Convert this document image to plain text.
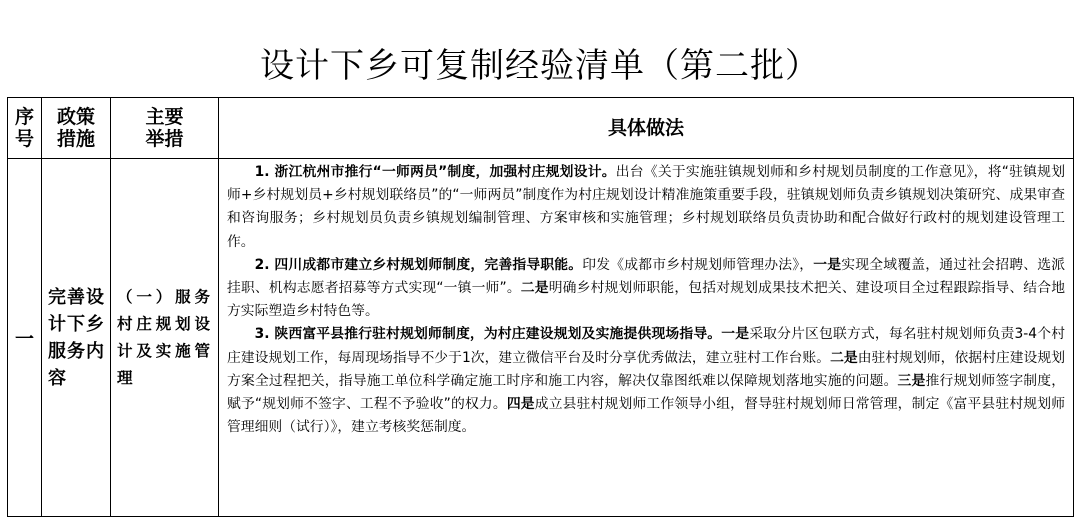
设计下乡可复制经验清单（第二批）
序号	政策措施	主要举措	具体做法
一	完善设计下乡服务内容	（一）服务村庄规划设计及实施管理	1. 浙江杭州市推行“一师两员”制度，加强村庄规划设计。出台《关于实施驻镇规划师和乡村规划员制度的工作意见》，将“驻镇规划师+乡村规划员+乡村规划联络员”的“一师两员”制度作为村庄规划设计精准施策重要手段，驻镇规划师负责乡镇规划决策研究、成果审查和咨询服务；乡村规划员负责乡镇规划编制管理、方案审核和实施管理；乡村规划联络员负责协助和配合做好行政村的规划建设管理工作。

2. 四川成都市建立乡村规划师制度，完善指导职能。印发《成都市乡村规划师管理办法》，一是实现全域覆盖，通过社会招聘、选派挂职、机构志愿者招募等方式实现“一镇一师”。二是明确乡村规划师职能，包括对规划成果技术把关、建设项目全过程跟踪指导、结合地方实际塑造乡村特色等。

3. 陕西富平县推行驻村规划师制度，为村庄建设规划及实施提供现场指导。一是采取分片区包联方式，每名驻村规划师负责3-4个村庄建设规划工作，每周现场指导不少于1次，建立微信平台及时分享优秀做法，建立驻村工作台账。二是由驻村规划师，依据村庄建设规划方案全过程把关，指导施工单位科学确定施工时序和施工内容，解决仅靠图纸难以保障规划落地实施的问题。三是推行规划师签字制度，赋予“规划师不签字、工程不予验收”的权力。四是成立县驻村规划师工作领导小组，督导驻村规划师日常管理，制定《富平县驻村规划师管理细则（试行）》，建立考核奖惩制度。
